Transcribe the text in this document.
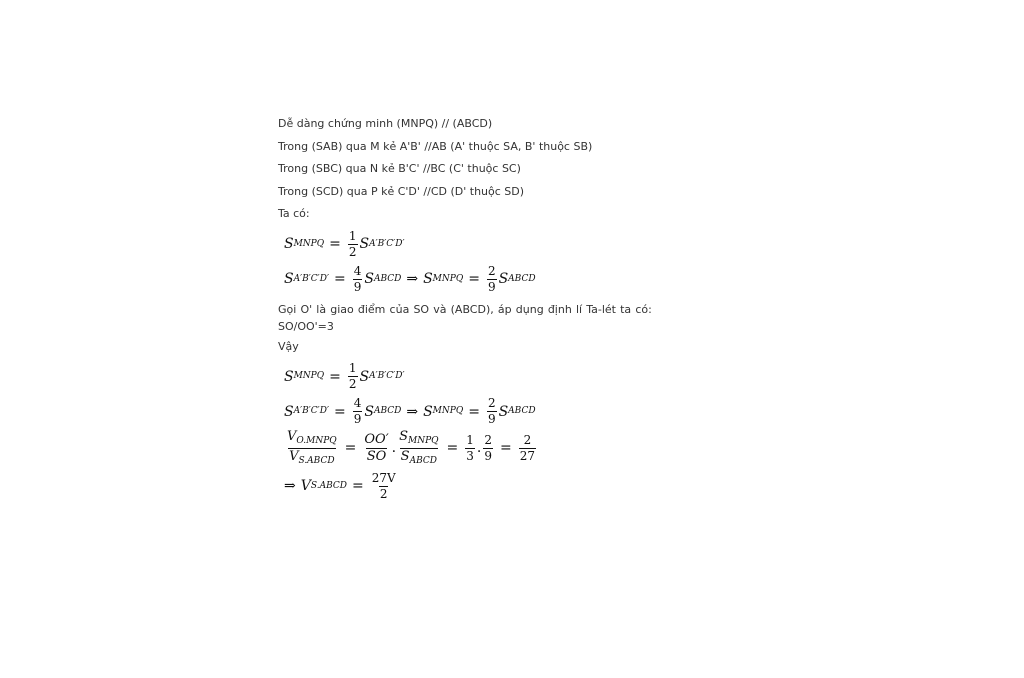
Dễ dàng chứng minh (MNPQ) // (ABCD)
Trong (SAB) qua M kẻ A'B' //AB (A' thuộc SA, B' thuộc SB)
Trong (SBC) qua N kẻ B'C' //BC (C' thuộc SC)
Trong (SCD) qua P kẻ C'D' //CD (D' thuộc SD)
Ta có:
S MNPQ = $\frac{1}{2}$ S A′B′C′D′
S $A'B'C'D' = \frac{4}{9}$ S ABCD ⇒ S MNPQ = $\frac{2}{9}$ S ABCD
Gọi O' là giao điểm của SO và (ABCD), áp dụng định lí Ta-lét ta có:
SO/OO'=3
Vậy
S MNPQ = $\frac{1}{2}$ S A′B′C′D′
S $A'B'C'D' = \frac{4}{9}$ S ABCD ⇒ S MNPQ = $\frac{2}{9}$ S ABCD
$\frac{V_{O.MNPQ}}{V_{S.ABCD}} = \frac{OO'}{SO}$ . $\frac{S_{MNPQ}}{S_{ABCD}} = \frac{1}{3}$ . $\frac{2}{9} = \frac{2}{27}$
⇒ V S.ABCD = $\frac{27V}{2}$
